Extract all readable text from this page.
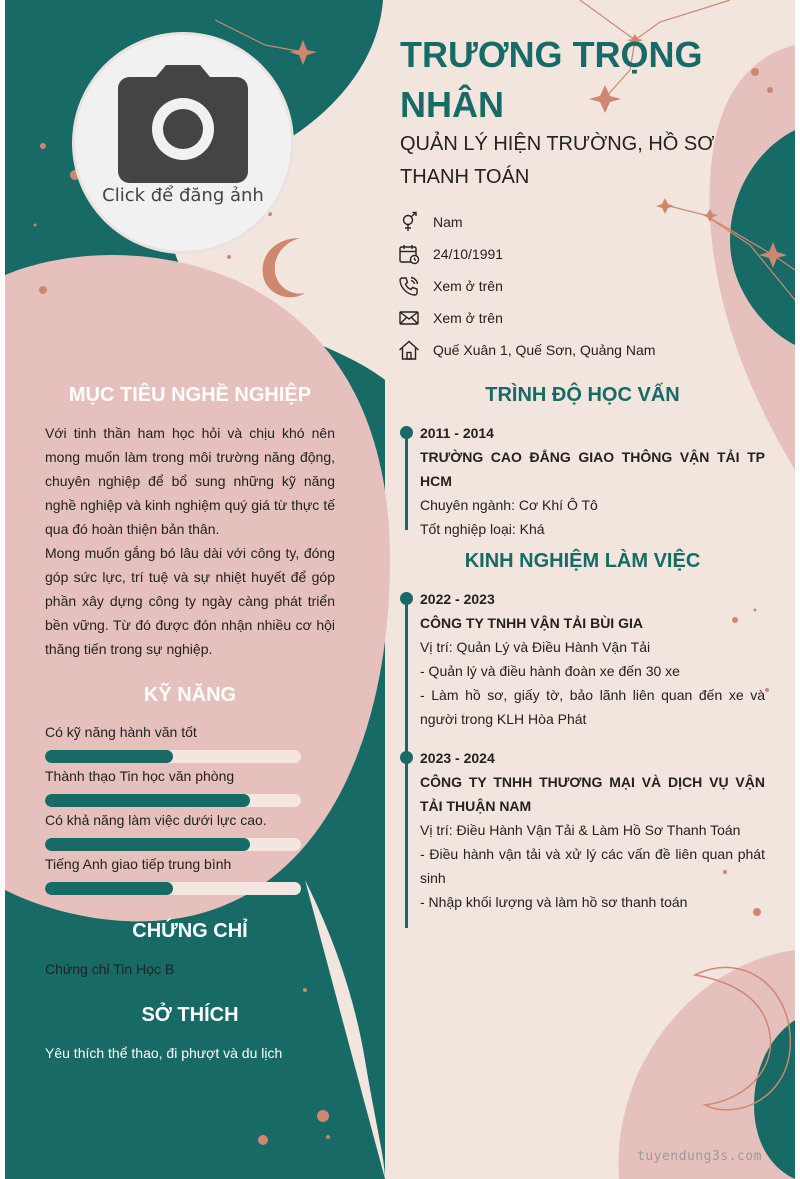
Click để đăng ảnh
TRƯƠNG TRỌNG NHÂN
QUẢN LÝ HIỆN TRƯỜNG, HỒ SƠ THANH TOÁN
Nam
24/10/1991
Xem ở trên
Xem ở trên
Quế Xuân 1, Quế Sơn, Quảng Nam
MỤC TIÊU NGHỀ NGHIỆP

Với tinh thần ham học hỏi và chịu khó nên mong muốn làm trong môi trường năng động, chuyên nghiệp để bổ sung những kỹ năng nghề nghiệp và kinh nghiệm quý giá từ thực tế qua đó hoàn thiện bản thân.

Mong muốn gắng bó lâu dài với công ty, đóng góp sức lực, trí tuệ và sự nhiệt huyết để góp phần xây dựng công ty ngày càng phát triển bền vững. Từ đó được đón nhận nhiều cơ hội thăng tiến trong sự nghiệp.

KỸ NĂNG
Có kỹ năng hành văn tốt
Thành thạo Tin học văn phòng
Có khả năng làm việc dưới lực cao.
Tiếng Anh giao tiếp trung bình
CHỨNG CHỈ
Chứng chỉ Tin Học B
SỞ THÍCH
Yêu thích thể thao, đi phượt và du lịch
TRÌNH ĐỘ HỌC VẤN
2011 - 2014
TRƯỜNG CAO ĐẲNG GIAO THÔNG VẬN TẢI TP HCM
Chuyên ngành: Cơ Khí Ô Tô
Tốt nghiệp loại: Khá
KINH NGHIỆM LÀM VIỆC
2022 - 2023
CÔNG TY TNHH VẬN TẢI BÙI GIA
Vị trí: Quản Lý và Điều Hành Vận Tải
- Quản lý và điều hành đoàn xe đến 30 xe
- Làm hồ sơ, giấy tờ, bảo lãnh liên quan đến xe và người trong KLH Hòa Phát
2023 - 2024
CÔNG TY TNHH THƯƠNG MẠI VÀ DỊCH VỤ VẬN TẢI THUẬN NAM
Vị trí: Điều Hành Vận Tải & Làm Hồ Sơ Thanh Toán
- Điều hành vận tải và xử lý các vấn đề liên quan phát sinh
- Nhập khối lượng và làm hồ sơ thanh toán
tuyendung3s.com
